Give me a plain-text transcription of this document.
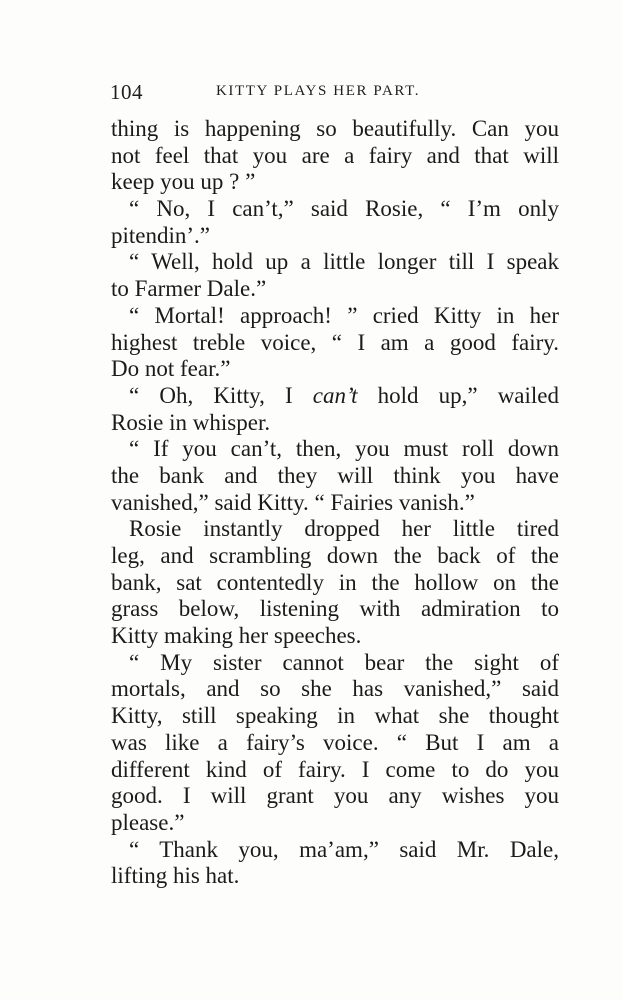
104	KITTY PLAYS HER PART.
thing is happening so beautifully. Can you
not feel that you are a fairy and that will
keep you up ? ”
“ No, I can’t,” said Rosie, “ I’m only
pitendin’.”
“ Well, hold up a little longer till I speak
to Farmer Dale.”
“ Mortal! approach! ” cried Kitty in her
highest treble voice, “ I am a good fairy.
Do not fear.”
“ Oh, Kitty, I can’t hold up,” wailed
Rosie in whisper.
“ If you can’t, then, you must roll down
the bank and they will think you have
vanished,” said Kitty. “ Fairies vanish.”
Rosie instantly dropped her little tired
leg, and scrambling down the back of the
bank, sat contentedly in the hollow on the
grass below, listening with admiration to
Kitty making her speeches.
“ My sister cannot bear the sight of
mortals, and so she has vanished,” said
Kitty, still speaking in what she thought
was like a fairy’s voice. “ But I am a
different kind of fairy. I come to do you
good. I will grant you any wishes you
please.”
“ Thank you, ma’am,” said Mr. Dale,
lifting his hat.
